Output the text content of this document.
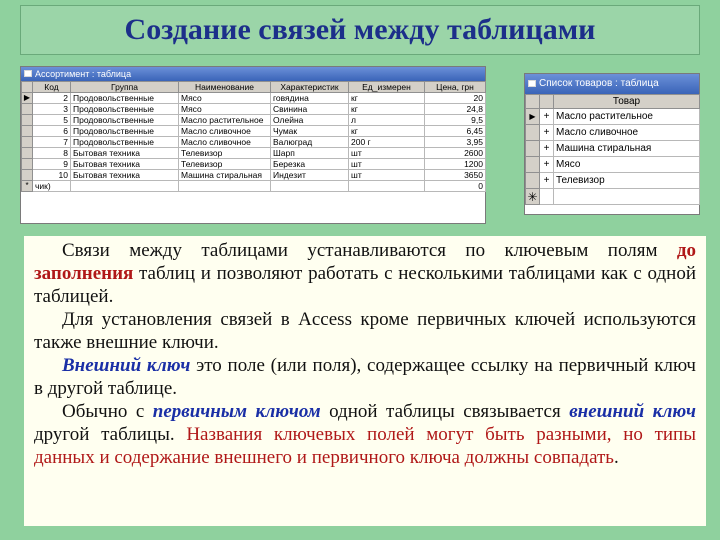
Создание связей между таблицами
Ассортимент : таблица
	Код	Группа	Наименование	Характеристик	Ед_измерен	Цена, грн
▶	2	Продовольственные	Мясо	говядина	кг	20
	3	Продовольственные	Мясо	Свинина	кг	24,8
	5	Продовольственные	Масло растительное	Олейна	л	9,5
	6	Продовольственные	Масло сливочное	Чумак	кг	6,45
	7	Продовольственные	Масло сливочное	Валюград	200 г	3,95
	8	Бытовая техника	Телевизор	Шарп	шт	2600
	9	Бытовая техника	Телевизор	Березка	шт	1200
	10	Бытовая техника	Машина стиральная	Индезит	шт	3650
*	чик)					0
Список товаров : таблица
		Товар
▶	+	Масло растительное
	+	Масло сливочное
	+	Машина стиральная
	+	Мясо
	+	Телевизор
✳		

Связи между таблицами устанавливаются по ключевым полям до заполнения таблиц и позволяют работать с несколькими таблицами как с одной таблицей.

Для установления связей в Access кроме первичных ключей используются также внешние ключи.

Внешний ключ это поле (или поля), содержащее ссылку на первичный ключ в другой таблице.

Обычно с первичным ключом одной таблицы связывается внешний ключ другой таблицы. Названия ключевых полей могут быть разными, но типы данных и содержание внешнего и первичного ключа должны совпадать.
